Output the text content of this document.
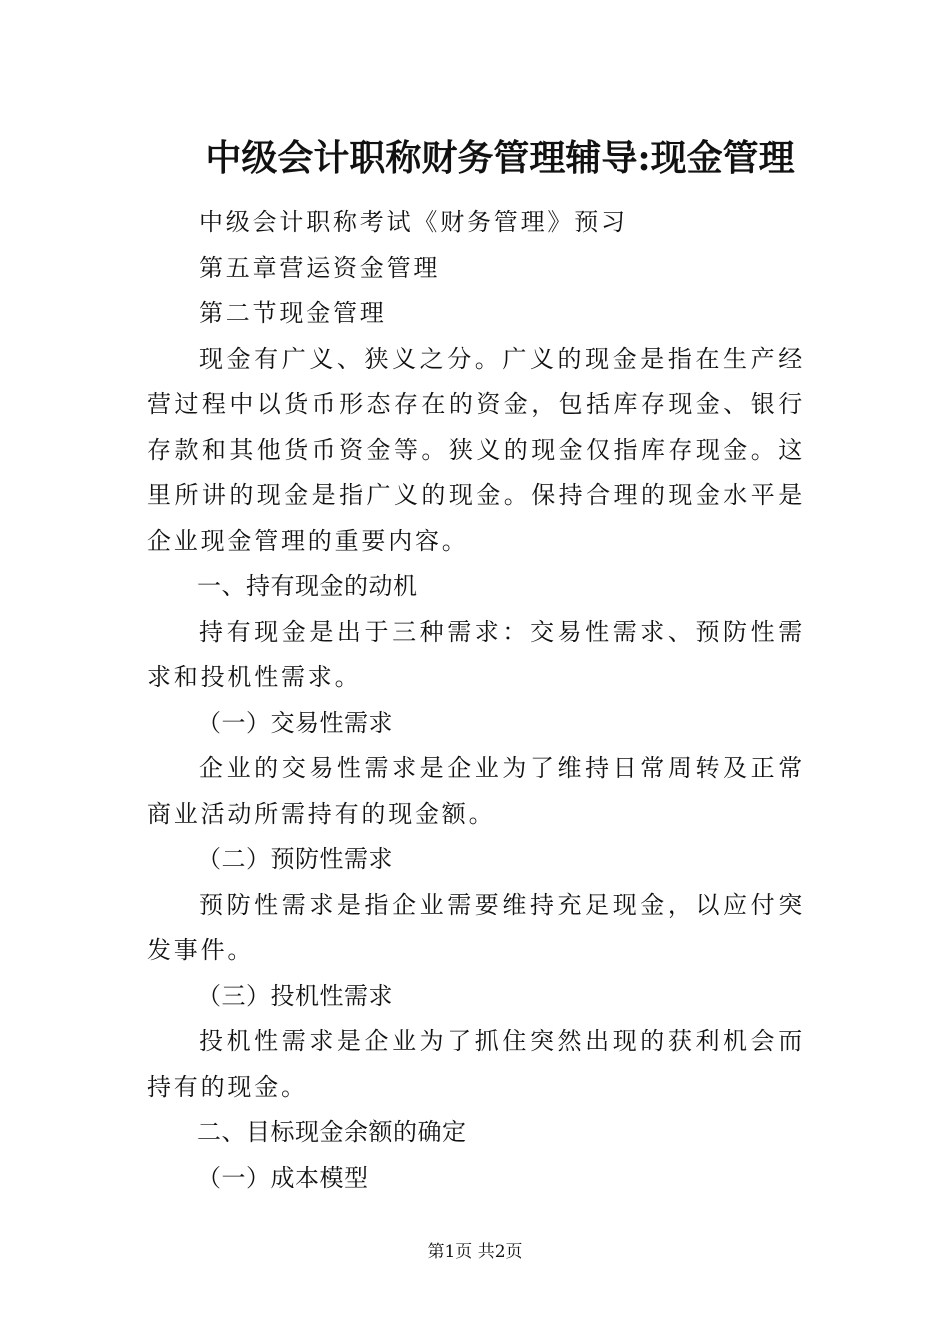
中级会计职称财务管理辅导:现金管理

中级会计职称考试《财务管理》预习

第五章营运资金管理

第二节现金管理

现金有广义、狭义之分。广义的现金是指在生产经营过程中以货币形态存在的资金，包括库存现金、银行存款和其他货币资金等。狭义的现金仅指库存现金。这里所讲的现金是指广义的现金。保持合理的现金水平是企业现金管理的重要内容。

一、持有现金的动机

持有现金是出于三种需求：交易性需求、预防性需求和投机性需求。

（一）交易性需求

企业的交易性需求是企业为了维持日常周转及正常商业活动所需持有的现金额。

（二）预防性需求

预防性需求是指企业需要维持充足现金，以应付突发事件。

（三）投机性需求

投机性需求是企业为了抓住突然出现的获利机会而持有的现金。

二、目标现金余额的确定

（一）成本模型

第1页 共2页
